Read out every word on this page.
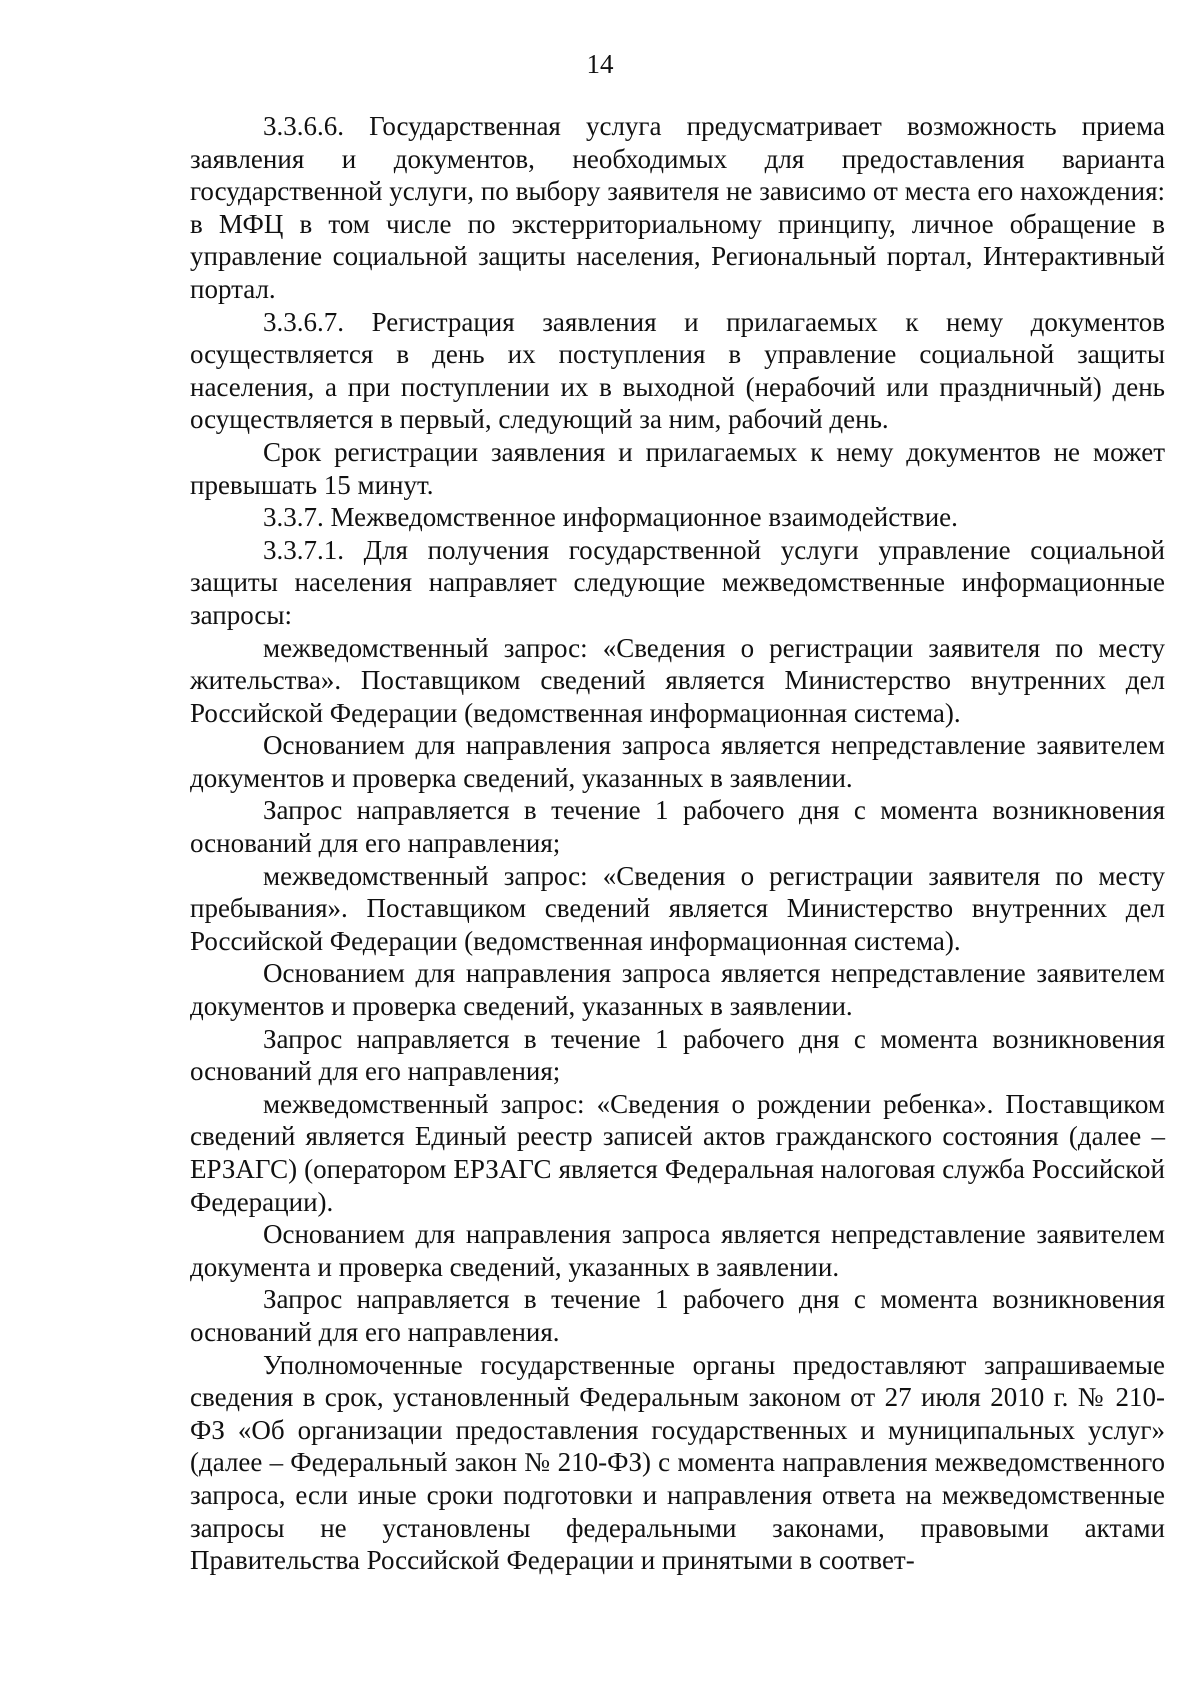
14

3.3.6.6. Государственная услуга предусматривает возможность приема заявления и документов, необходимых для предоставления варианта государственной услуги, по выбору заявителя не зависимо от места его нахождения: в МФЦ в том числе по экстерриториальному принципу, личное обращение в управление социальной защиты населения, Региональный портал, Интерактивный портал.

3.3.6.7. Регистрация заявления и прилагаемых к нему документов осуществляется в день их поступления в управление социальной защиты населения, а при поступлении их в выходной (нерабочий или праздничный) день осуществляется в первый, следующий за ним, рабочий день.

Срок регистрации заявления и прилагаемых к нему документов не может превышать 15 минут.

3.3.7. Межведомственное информационное взаимодействие.

3.3.7.1. Для получения государственной услуги управление социальной защиты населения направляет следующие межведомственные информационные запросы:

межведомственный запрос: «Сведения о регистрации заявителя по месту жительства». Поставщиком сведений является Министерство внутренних дел Российской Федерации (ведомственная информационная система).

Основанием для направления запроса является непредставление заявителем документов и проверка сведений, указанных в заявлении.

Запрос направляется в течение 1 рабочего дня с момента возникновения оснований для его направления;

межведомственный запрос: «Сведения о регистрации заявителя по месту пребывания». Поставщиком сведений является Министерство внутренних дел Российской Федерации (ведомственная информационная система).

Основанием для направления запроса является непредставление заявителем документов и проверка сведений, указанных в заявлении.

Запрос направляется в течение 1 рабочего дня с момента возникновения оснований для его направления;

межведомственный запрос: «Сведения о рождении ребенка». Поставщиком сведений является Единый реестр записей актов гражданского состояния (далее – ЕРЗАГС) (оператором ЕРЗАГС является Федеральная налоговая служба Российской Федерации).

Основанием для направления запроса является непредставление заявителем документа и проверка сведений, указанных в заявлении.

Запрос направляется в течение 1 рабочего дня с момента возникновения оснований для его направления.

Уполномоченные государственные органы предоставляют запрашиваемые сведения в срок, установленный Федеральным законом от 27 июля 2010 г. № 210-ФЗ «Об организации предоставления государственных и муниципальных услуг» (далее – Федеральный закон № 210-ФЗ) с момента направления межведомственного запроса, если иные сроки подготовки и направления ответа на межведомственные запросы не установлены федеральными законами, правовыми актами Правительства Российской Федерации и принятыми в соответ-
